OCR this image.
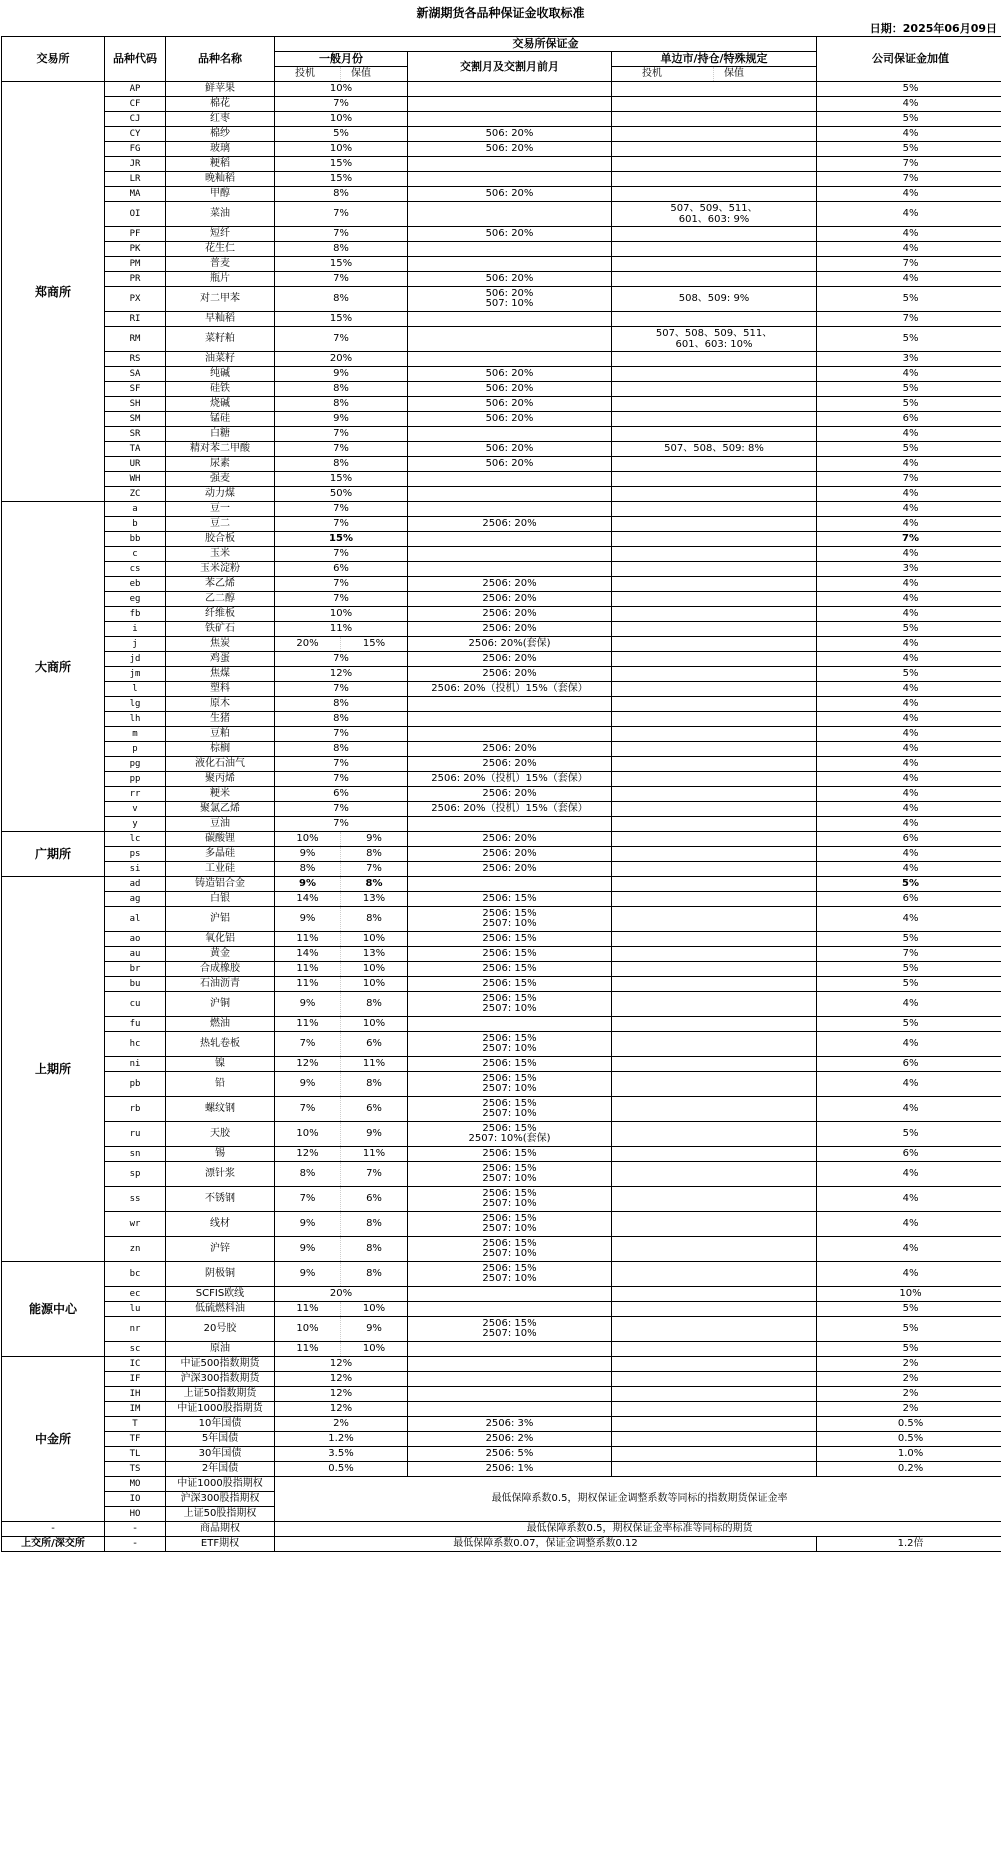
新湖期货各品种保证金收取标准
日期：2025年06月09日
交易所	品种代码	品种名称	交易所保证金					公司保证金加值
			一般月份		交割月及交割月前月	单边市/持仓/特殊规定		
			投机	保值		投机	保值	
郑商所	AP	鲜苹果	10%					5%
	CF	棉花	7%					4%
	CJ	红枣	10%					5%
	CY	棉纱	5%		506: 20%			4%
	FG	玻璃	10%		506: 20%			5%
	JR	粳稻	15%					7%
	LR	晚籼稻	15%					7%
	MA	甲醇	8%		506: 20%			4%
	OI	菜油	7%			507、509、511、
601、603: 9%		4%
	PF	短纤	7%		506: 20%			4%
	PK	花生仁	8%					4%
	PM	普麦	15%					7%
	PR	瓶片	7%		506: 20%			4%
	PX	对二甲苯	8%		506: 20%
507: 10%	508、509: 9%		5%
	RI	早籼稻	15%					7%
	RM	菜籽粕	7%			507、508、509、511、
601、603: 10%		5%
	RS	油菜籽	20%					3%
	SA	纯碱	9%		506: 20%			4%
	SF	硅铁	8%		506: 20%			5%
	SH	烧碱	8%		506: 20%			5%
	SM	锰硅	9%		506: 20%			6%
	SR	白糖	7%					4%
	TA	精对苯二甲酸	7%		506: 20%	507、508、509: 8%		5%
	UR	尿素	8%		506: 20%			4%
	WH	强麦	15%					7%
	ZC	动力煤	50%					4%
大商所	a	豆一	7%					4%
	b	豆二	7%		2506: 20%			4%
	bb	胶合板	15%					7%
	c	玉米	7%					4%
	cs	玉米淀粉	6%					3%
	eb	苯乙烯	7%		2506: 20%			4%
	eg	乙二醇	7%		2506: 20%			4%
	fb	纤维板	10%		2506: 20%			4%
	i	铁矿石	11%		2506: 20%			5%
	j	焦炭	20%	15%	2506: 20%(套保)			4%
	jd	鸡蛋	7%		2506: 20%			4%
	jm	焦煤	12%		2506: 20%			5%
	l	塑料	7%		2506: 20%（投机）15%（套保）			4%
	lg	原木	8%					4%
	lh	生猪	8%					4%
	m	豆粕	7%					4%
	p	棕榈	8%		2506: 20%			4%
	pg	液化石油气	7%		2506: 20%			4%
	pp	聚丙烯	7%		2506: 20%（投机）15%（套保）			4%
	rr	粳米	6%		2506: 20%			4%
	v	聚氯乙烯	7%		2506: 20%（投机）15%（套保）			4%
	y	豆油	7%					4%
广期所	lc	碳酸锂	10%	9%	2506: 20%			6%
	ps	多晶硅	9%	8%	2506: 20%			4%
	si	工业硅	8%	7%	2506: 20%			4%
上期所	ad	铸造铝合金	9%	8%				5%
	ag	白银	14%	13%	2506: 15%			6%
	al	沪铝	9%	8%	2506: 15%
2507: 10%			4%
	ao	氧化铝	11%	10%	2506: 15%			5%
	au	黄金	14%	13%	2506: 15%			7%
	br	合成橡胶	11%	10%	2506: 15%			5%
	bu	石油沥青	11%	10%	2506: 15%			5%
	cu	沪铜	9%	8%	2506: 15%
2507: 10%			4%
	fu	燃油	11%	10%				5%
	hc	热轧卷板	7%	6%	2506: 15%
2507: 10%			4%
	ni	镍	12%	11%	2506: 15%			6%
	pb	铅	9%	8%	2506: 15%
2507: 10%			4%
	rb	螺纹钢	7%	6%	2506: 15%
2507: 10%			4%
	ru	天胶	10%	9%	2506: 15%
2507: 10%(套保)			5%
	sn	锡	12%	11%	2506: 15%			6%
	sp	漂针浆	8%	7%	2506: 15%
2507: 10%			4%
	ss	不锈钢	7%	6%	2506: 15%
2507: 10%			4%
	wr	线材	9%	8%	2506: 15%
2507: 10%			4%
	zn	沪锌	9%	8%	2506: 15%
2507: 10%			4%
能源中心	bc	阴极铜	9%	8%	2506: 15%
2507: 10%			4%
	ec	SCFIS欧线	20%					10%
	lu	低硫燃料油	11%	10%				5%
	nr	20号胶	10%	9%	2506: 15%
2507: 10%			5%
	sc	原油	11%	10%				5%
中金所	IC	中证500指数期货	12%					2%
	IF	沪深300指数期货	12%					2%
	IH	上证50指数期货	12%					2%
	IM	中证1000股指期货	12%					2%
	T	10年国债	2%		2506: 3%			0.5%
	TF	5年国债	1.2%		2506: 2%			0.5%
	TL	30年国债	3.5%		2506: 5%			1.0%
	TS	2年国债	0.5%		2506: 1%			0.2%
	MO	中证1000股指期权	最低保障系数0.5，期权保证金调整系数等同标的指数期货保证金率					
	IO	沪深300股指期权						
	HO	上证50股指期权						
-	-	商品期权	最低保障系数0.5，期权保证金率标准等同标的期货					
上交所/深交所	-	ETF期权	最低保障系数0.07，保证金调整系数0.12					1.2倍
